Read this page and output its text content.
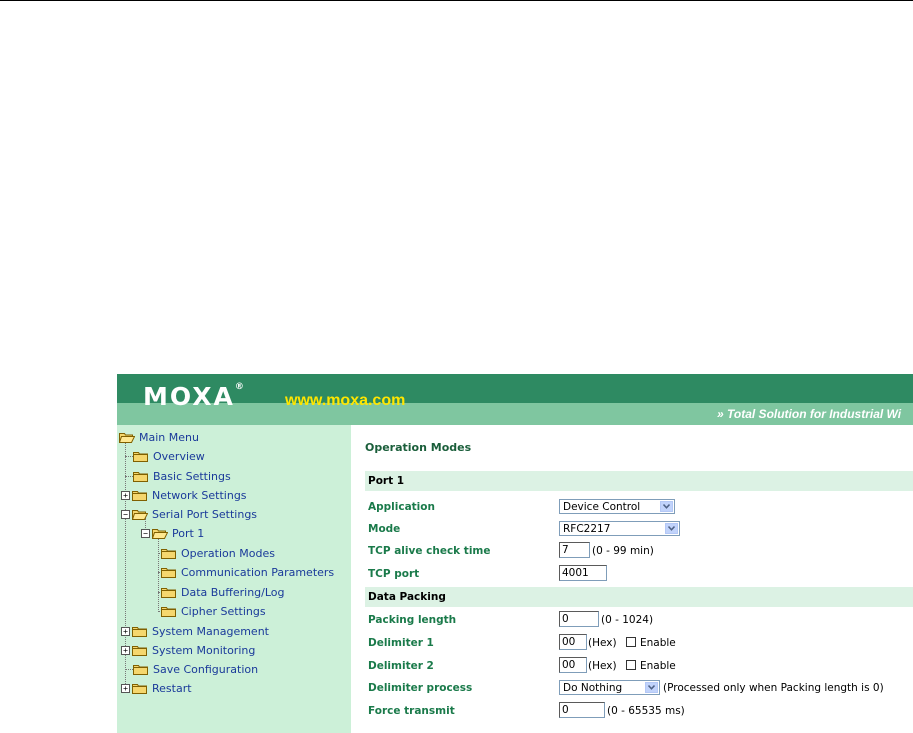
MOXA®
www.moxa.com
» Total Solution for Industrial Wi
Main Menu
Overview
Basic Settings
+ Network Settings
− Serial Port Settings
− Port 1
Operation Modes
Communication Parameters
Data Buffering/Log
Cipher Settings
+ System Management
+ System Monitoring
Save Configuration
+ Restart
Operation Modes
Port 1
Application	Device Control
Mode	RFC2217
TCP alive check time	7	(0 - 99 min)
TCP port	4001
Data Packing
Packing length	0	(0 - 1024)
Delimiter 1	00	(Hex) Enable
Delimiter 2	00	(Hex) Enable
Delimiter process	Do Nothing	(Processed only when Packing length is 0)
Force transmit	0	(0 - 65535 ms)
